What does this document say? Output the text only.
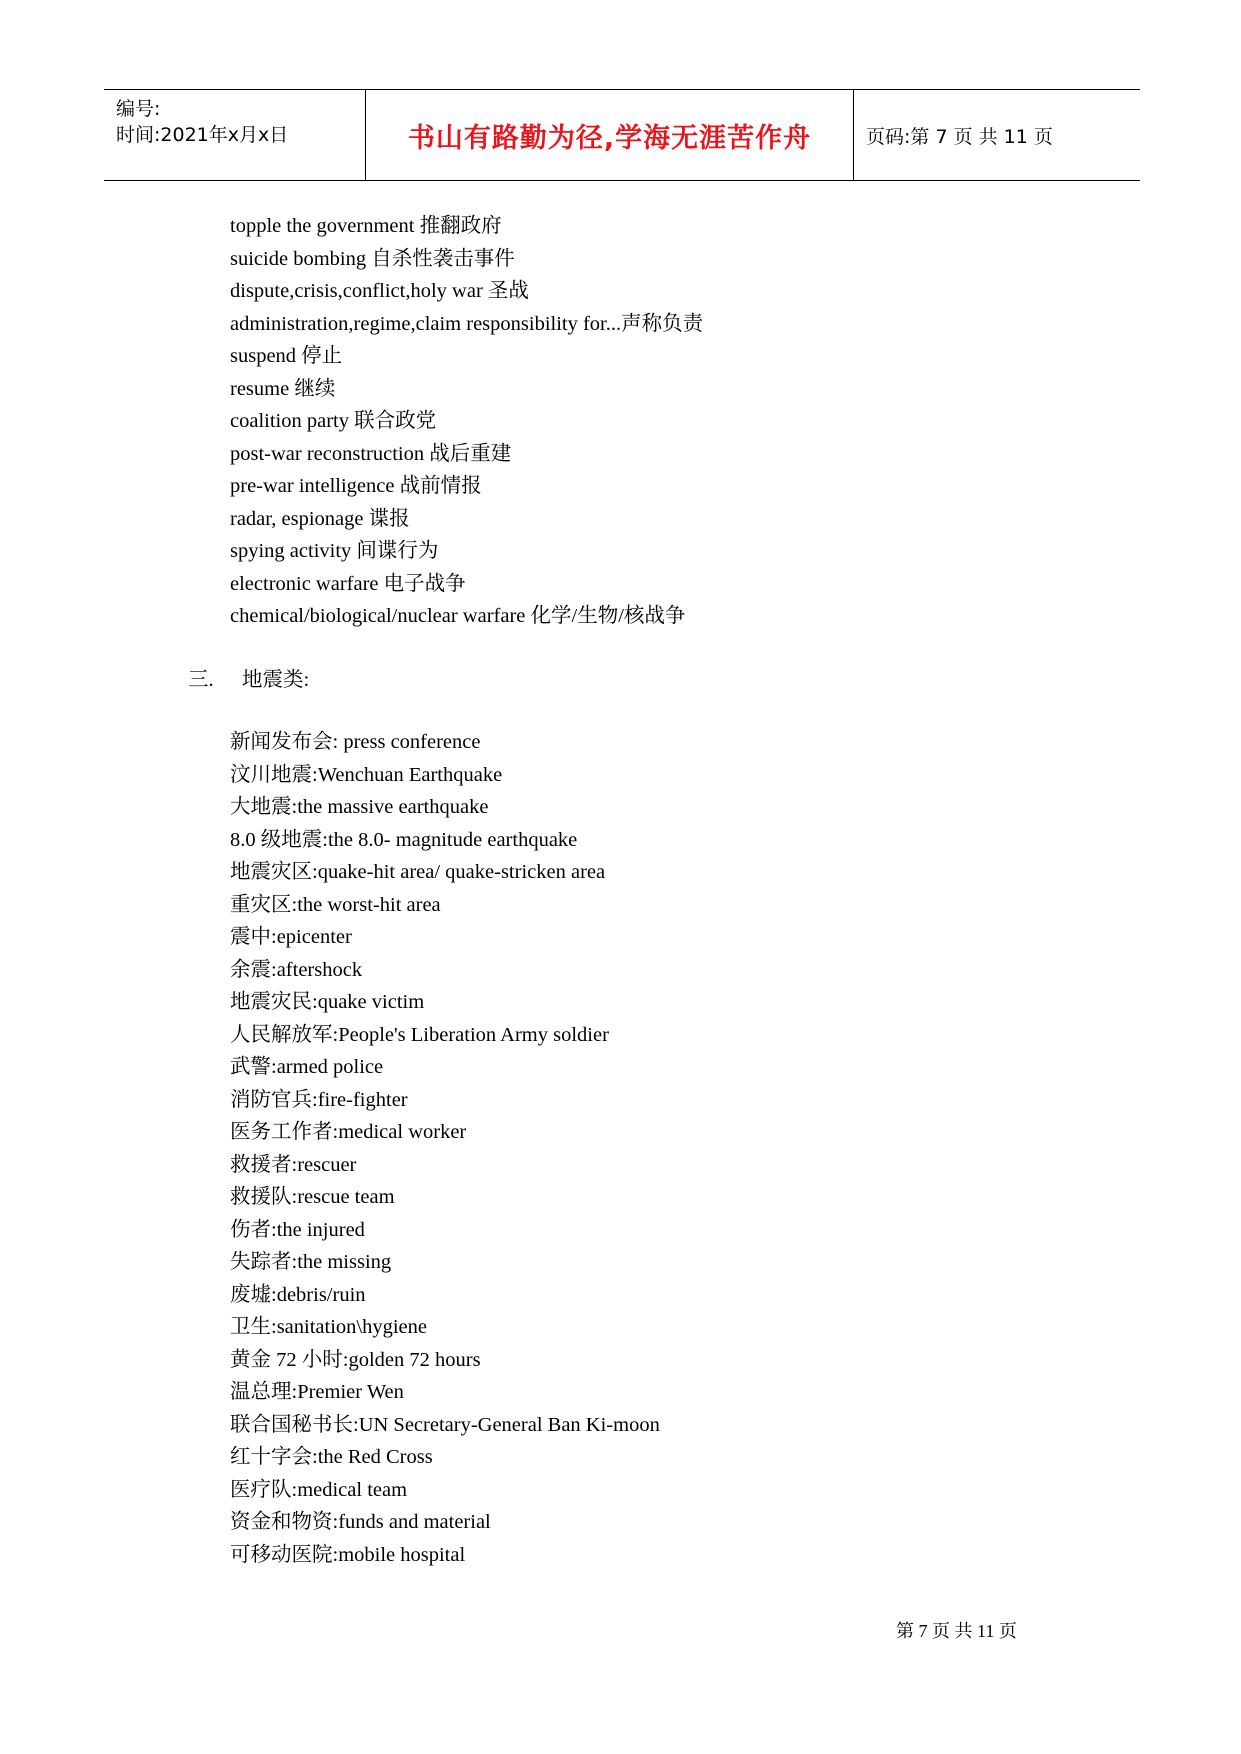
编号:
时间:2021年x月x日	书山有路勤为径,学海无涯苦作舟	页码:第 7 页 共 11 页
topple the government 推翻政府
suicide bombing 自杀性袭击事件
dispute,crisis,conflict,holy war 圣战
administration,regime,claim responsibility for...声称负责
suspend 停止
resume 继续
coalition party 联合政党
post-war reconstruction 战后重建
pre-war intelligence 战前情报
radar, espionage 谍报
spying activity 间谍行为
electronic warfare 电子战争
chemical/biological/nuclear warfare 化学/生物/核战争
三. 地震类:
新闻发布会: press conference
汶川地震:Wenchuan Earthquake
大地震:the massive earthquake
8.0 级地震:the 8.0- magnitude earthquake
地震灾区:quake-hit area/ quake-stricken area
重灾区:the worst-hit area
震中:epicenter
余震:aftershock
地震灾民:quake victim
人民解放军:People's Liberation Army soldier
武警:armed police
消防官兵:fire-fighter
医务工作者:medical worker
救援者:rescuer
救援队:rescue team
伤者:the injured
失踪者:the missing
废墟:debris/ruin
卫生:sanitation\hygiene
黄金 72 小时:golden 72 hours
温总理:Premier Wen
联合国秘书长:UN Secretary-General Ban Ki-moon
红十字会:the Red Cross
医疗队:medical team
资金和物资:funds and material
可移动医院:mobile hospital
第 7 页 共 11 页
